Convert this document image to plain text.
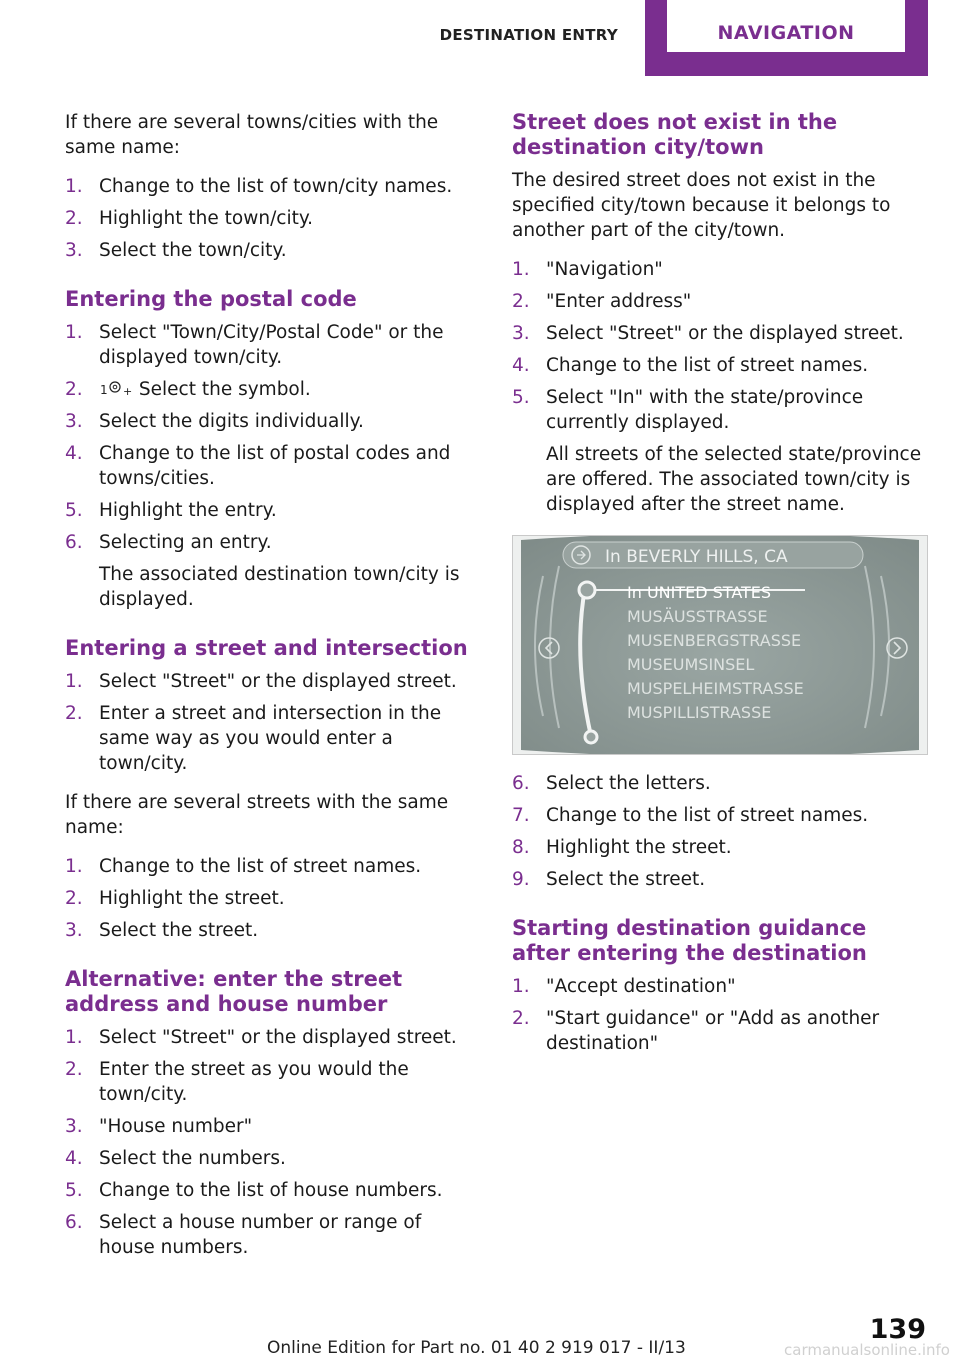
DESTINATION ENTRY	NAVIGATION

If there are several towns/cities with the same name:

1. Change to the list of town/city names.
2. Highlight the town/city.
3. Select the town/city.
Entering the postal code
1. Select "Town/City/Postal Code" or the displayed town/city.
2. 1 + Select the symbol.
3. Select the digits individually.
4. Change to the list of postal codes and towns/cities.
5. Highlight the entry.
6. Selecting an entry.

The associated destination town/city is displayed.

Entering a street and intersection
1. Select "Street" or the displayed street.
2. Enter a street and intersection in the same way as you would enter a town/city.

If there are several streets with the same name:

1. Change to the list of street names.
2. Highlight the street.
3. Select the street.
Alternative: enter the street address and house number
1. Select "Street" or the displayed street.
2. Enter the street as you would the town/city.
3. "House number"
4. Select the numbers.
5. Change to the list of house numbers.
6. Select a house number or range of house numbers.
Street does not exist in the destination city/town

The desired street does not exist in the specified city/town because it belongs to another part of the city/town.

1. "Navigation"
2. "Enter address"
3. Select "Street" or the displayed street.
4. Change to the list of street names.
5. Select "In" with the state/province currently displayed.

All streets of the selected state/province are offered. The associated town/city is displayed after the street name.

In BEVERLY HILLS, CA
In UNITED STATES
MUSÄUSSTRASSE
MUSENBERGSTRASSE
MUSEUMSINSEL
MUSPELHEIMSTRASSE
MUSPILLISTRASSE
6. Select the letters.
7. Change to the list of street names.
8. Highlight the street.
9. Select the street.
Starting destination guidance after entering the destination
1. "Accept destination"
2. "Start guidance" or "Add as another destination"
139
Online Edition for Part no. 01 40 2 919 017 - II/13	carmanualsonline.info
